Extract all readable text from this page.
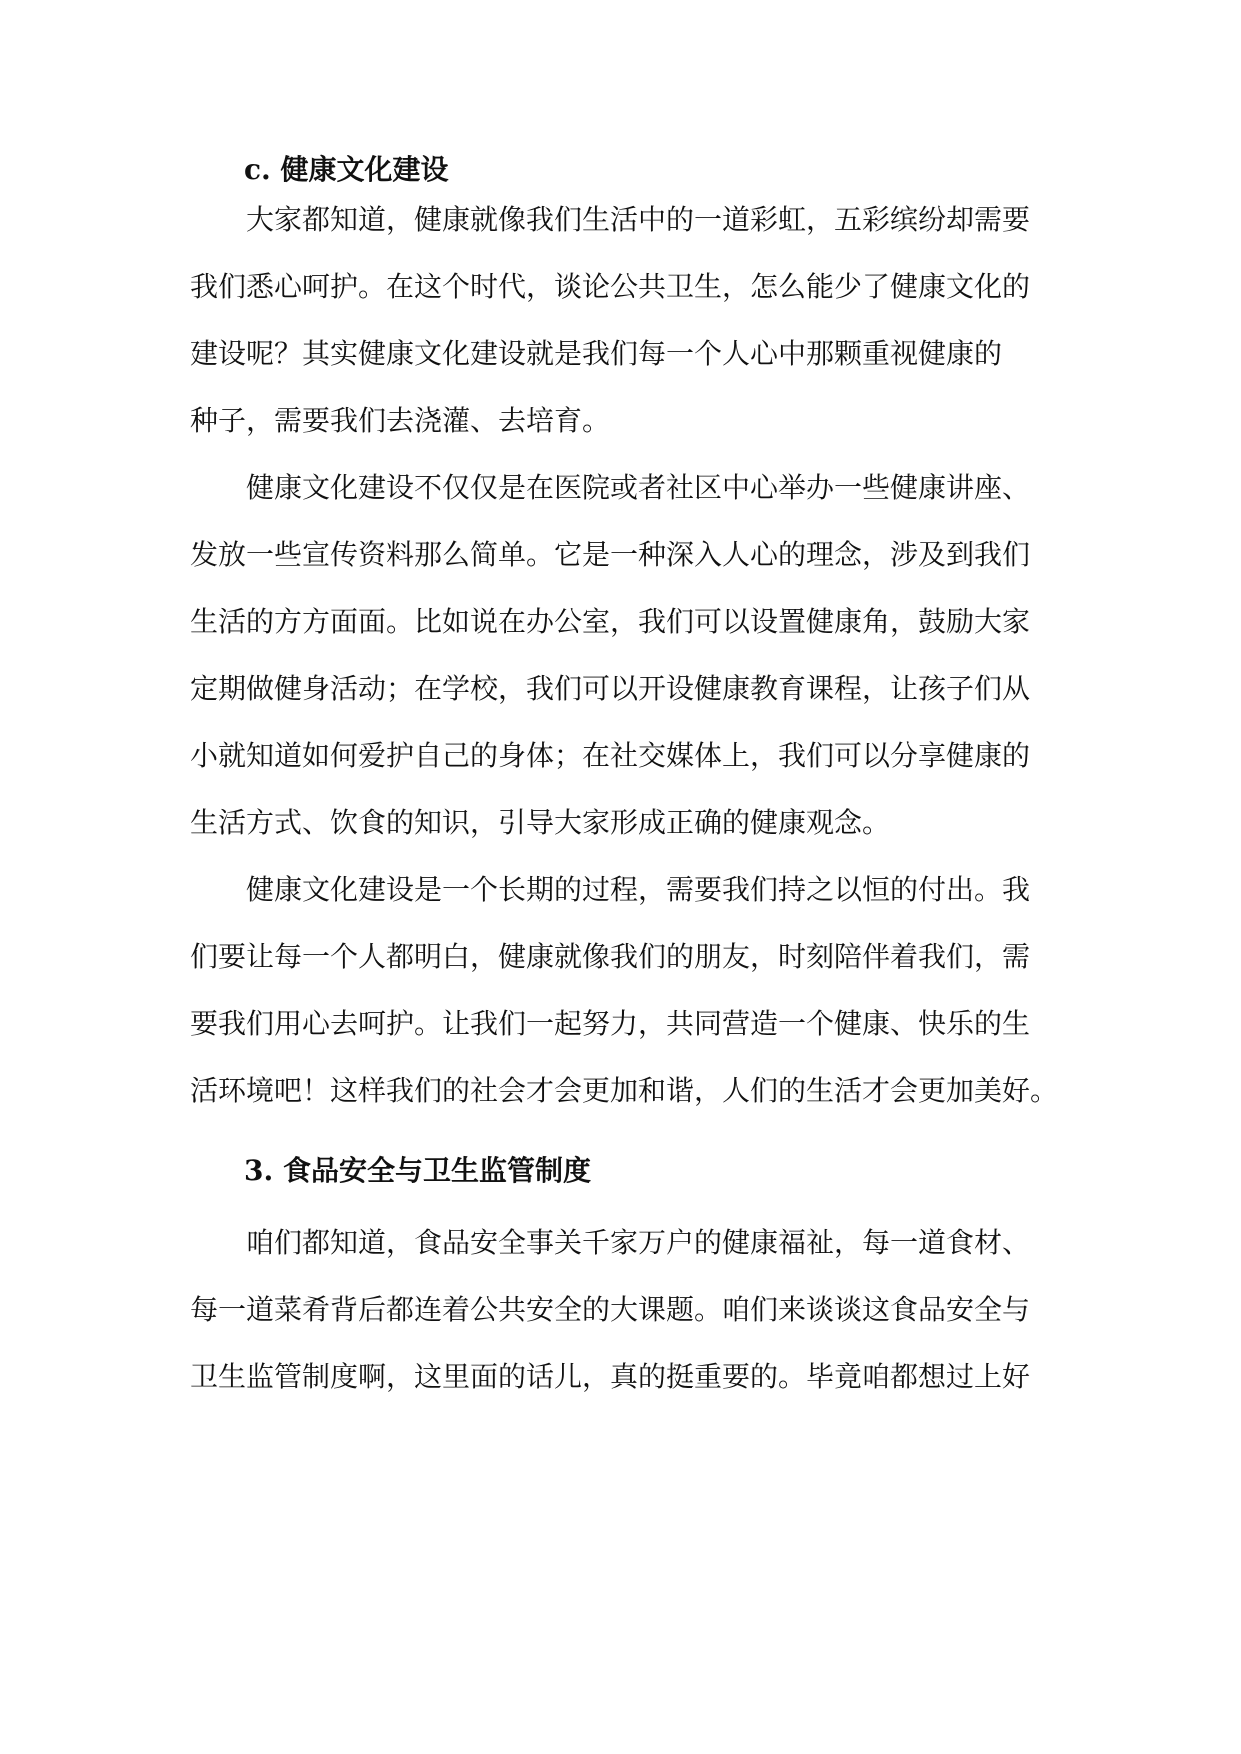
c. 健康文化建设

大家都知道，健康就像我们生活中的一道彩虹，五彩缤纷却需要

我们悉心呵护。在这个时代，谈论公共卫生，怎么能少了健康文化的

建设呢？其实健康文化建设就是我们每一个人心中那颗重视健康的

种子，需要我们去浇灌、去培育。

健康文化建设不仅仅是在医院或者社区中心举办一些健康讲座、

发放一些宣传资料那么简单。它是一种深入人心的理念，涉及到我们

生活的方方面面。比如说在办公室，我们可以设置健康角，鼓励大家

定期做健身活动；在学校，我们可以开设健康教育课程，让孩子们从

小就知道如何爱护自己的身体；在社交媒体上，我们可以分享健康的

生活方式、饮食的知识，引导大家形成正确的健康观念。

健康文化建设是一个长期的过程，需要我们持之以恒的付出。我

们要让每一个人都明白，健康就像我们的朋友，时刻陪伴着我们，需

要我们用心去呵护。让我们一起努力，共同营造一个健康、快乐的生

活环境吧！这样我们的社会才会更加和谐，人们的生活才会更加美好。

3. 食品安全与卫生监管制度

咱们都知道，食品安全事关千家万户的健康福祉，每一道食材、

每一道菜肴背后都连着公共安全的大课题。咱们来谈谈这食品安全与

卫生监管制度啊，这里面的话儿，真的挺重要的。毕竟咱都想过上好
